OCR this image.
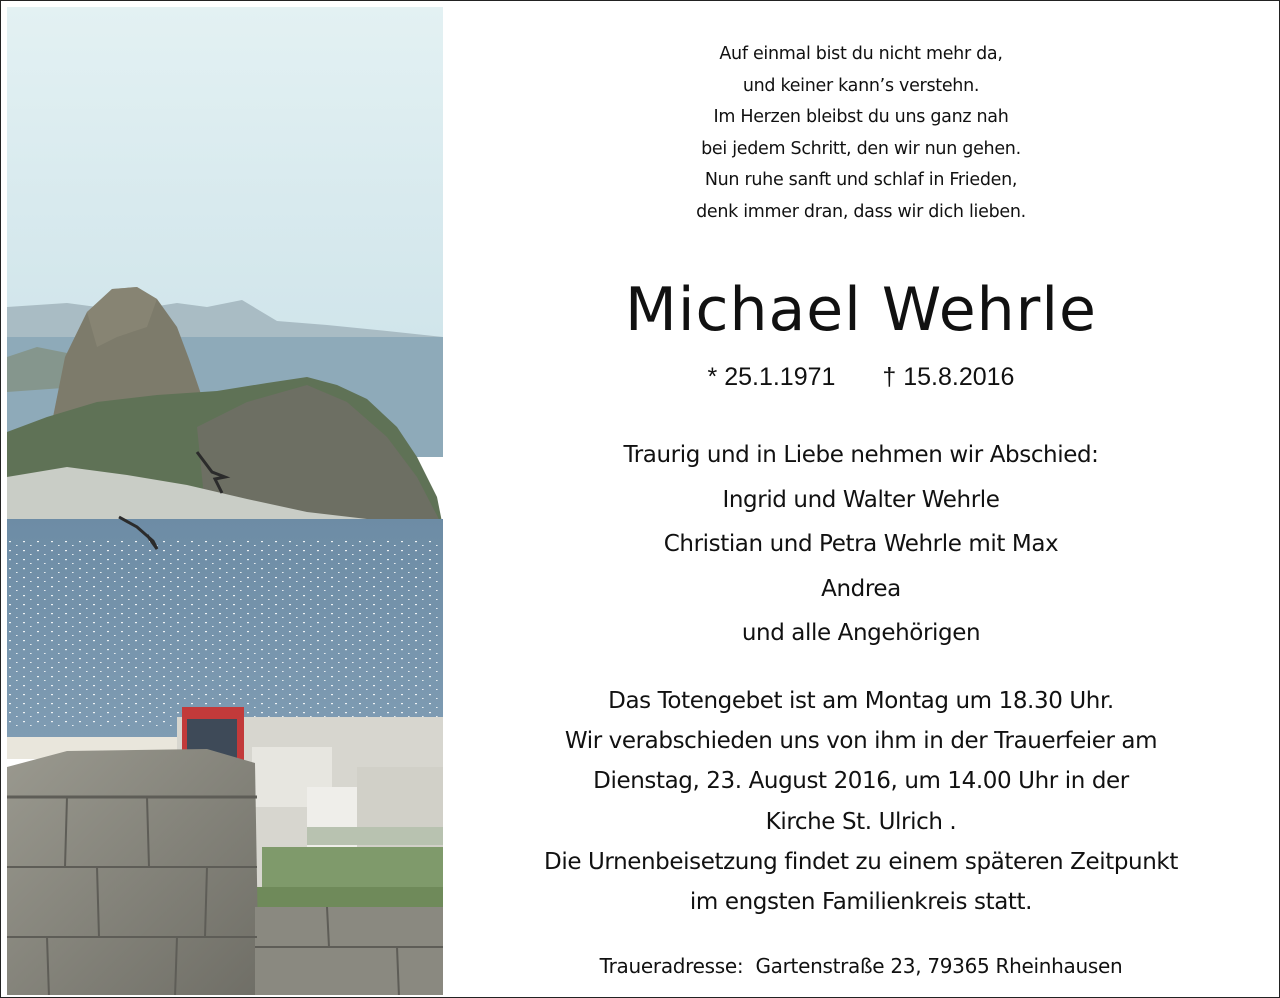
Auf einmal bist du nicht mehr da,
und keiner kann’s verstehn.
Im Herzen bleibst du uns ganz nah
bei jedem Schritt, den wir nun gehen.
Nun ruhe sanft und schlaf in Frieden,
denk immer dran, dass wir dich lieben.
Michael Wehrle
* 25.1.1971 † 15.8.2016
Traurig und in Liebe nehmen wir Abschied:
Ingrid und Walter Wehrle
Christian und Petra Wehrle mit Max
Andrea
und alle Angehörigen
Das Totengebet ist am Montag um 18.30 Uhr.
Wir verabschieden uns von ihm in der Trauerfeier am
Dienstag, 23. August 2016, um 14.00 Uhr in der
Kirche St. Ulrich .
Die Urnenbeisetzung findet zu einem späteren Zeitpunkt
im engsten Familienkreis statt.
Traueradresse: Gartenstraße 23, 79365 Rheinhausen
